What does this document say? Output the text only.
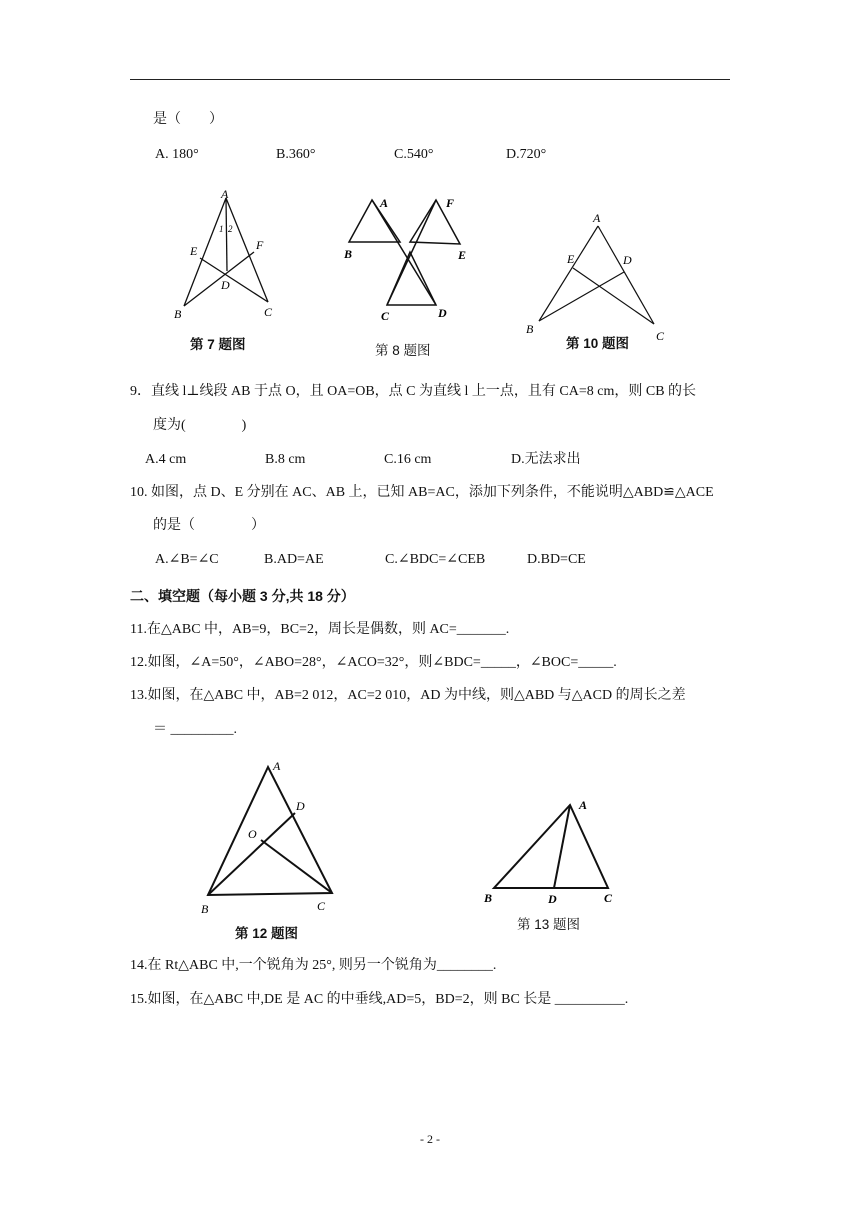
是（　　）
A. 180°	B.360°	C.540°	D.720°
A
1 2
E	F
D
B	C
第 7 题图
A	F
B	E
C	D
第 8 题图
A
E	D
B	C
第 10 题图
9．直线 l⊥线段 AB 于点 O，且 OA=OB，点 C 为直线 l 上一点，且有 CA=8 cm，则 CB 的长
度为(　　　　)
A.4 cm	B.8 cm	C.16 cm	D.无法求出
10. 如图，点 D、E 分别在 AC、AB 上，已知 AB=AC，添加下列条件，不能说明△ABD≌△ACE
的是（　　　　）
A.∠B=∠C	B.AD=AE	C.∠BDC=∠CEB	D.BD=CE
二、填空题（每小题 3 分,共 18 分）
11.在△ABC 中，AB=9，BC=2，周长是偶数，则 AC=_______.
12.如图，∠A=50°，∠ABO=28°，∠ACO=32°，则∠BDC=_____，∠BOC=_____.
13.如图，在△ABC 中，AB=2 012，AC=2 010，AD 为中线，则△ABD 与△ACD 的周长之差
＝ _________.
A
D
O
B	C
第 12 题图
A
B	D	C
第 13 题图
14.在 Rt△ABC 中,一个锐角为 25°, 则另一个锐角为________.
15.如图，在△ABC 中,DE 是 AC 的中垂线,AD=5，BD=2，则 BC 长是 __________.
- 2 -
